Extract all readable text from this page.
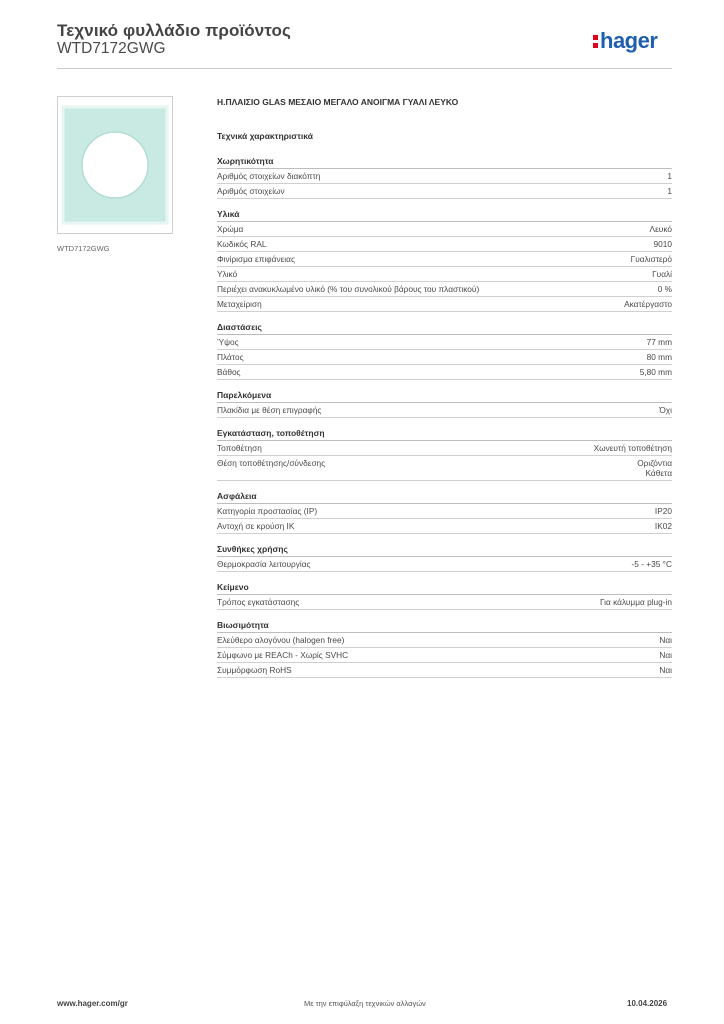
Τεχνικό φυλλάδιο προϊόντος
WTD7172GWG	hager
WTD7172GWG
Η.ΠΛΑΙΣΙΟ GLAS ΜΕΣΑΙΟ ΜΕΓΑΛΟ ΑΝΟΙΓΜΑ ΓΥΑΛΙ ΛΕΥΚΟ
Τεχνικά χαρακτηριστικά
Χωρητικότητα
Αριθμός στοιχείων διακόπτη	1
Αριθμός στοιχείων	1
Υλικά
Χρώμα	Λευκό
Κωδικός RAL	9010
Φινίρισμα επιφάνειας	Γυαλιστερό
Υλικό	Γυαλί
Περιέχει ανακυκλωμένο υλικό (% του συνολικού βάρους του πλαστικού)	0 %
Μεταχείριση	Ακατέργαστο
Διαστάσεις
Ύψος	77 mm
Πλάτος	80 mm
Βάθος	5,80 mm
Παρελκόμενα
Πλακίδια με θέση επιγραφής	Όχι
Εγκατάσταση, τοποθέτηση
Τοποθέτηση	Χωνευτή τοποθέτηση
Θέση τοποθέτησης/σύνδεσης	Οριζόντια
Κάθετα
Ασφάλεια
Κατηγορία προστασίας (IP)	IP20
Αντοχή σε κρούση IK	IK02
Συνθήκες χρήσης
Θερμοκρασία λειτουργίας	-5 - +35 °C
Κείμενο
Τρόπος εγκατάστασης	Για κάλυμμα plug-in
Βιωσιμότητα
Ελεύθερο αλογόνου (halogen free)	Ναι
Σύμφωνο με REACh - Χωρίς SVHC	Ναι
Συμμόρφωση RoHS	Ναι
www.hager.com/gr	Με την επιφύλαξη τεχνικών αλλαγών	10.04.2026
